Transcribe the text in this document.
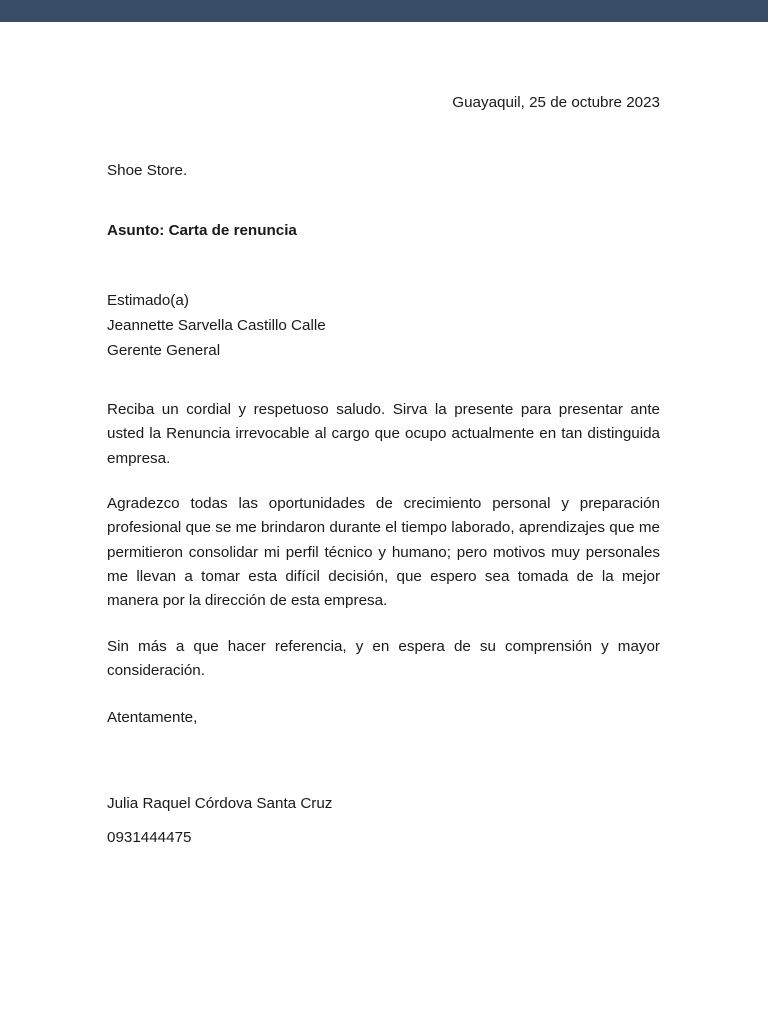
Guayaquil, 25 de octubre 2023
Shoe Store.
Asunto: Carta de renuncia
Estimado(a)
Jeannette Sarvella Castillo Calle
Gerente General

Reciba un cordial y respetuoso saludo. Sirva la presente para presentar ante usted la Renuncia irrevocable al cargo que ocupo actualmente en tan distinguida empresa.

Agradezco todas las oportunidades de crecimiento personal y preparación profesional que se me brindaron durante el tiempo laborado, aprendizajes que me permitieron consolidar mi perfil técnico y humano; pero motivos muy personales me llevan a tomar esta difícil decisión, que espero sea tomada de la mejor manera por la dirección de esta empresa.

Sin más a que hacer referencia, y en espera de su comprensión y mayor consideración.

Atentamente,
Julia Raquel Córdova Santa Cruz
0931444475
